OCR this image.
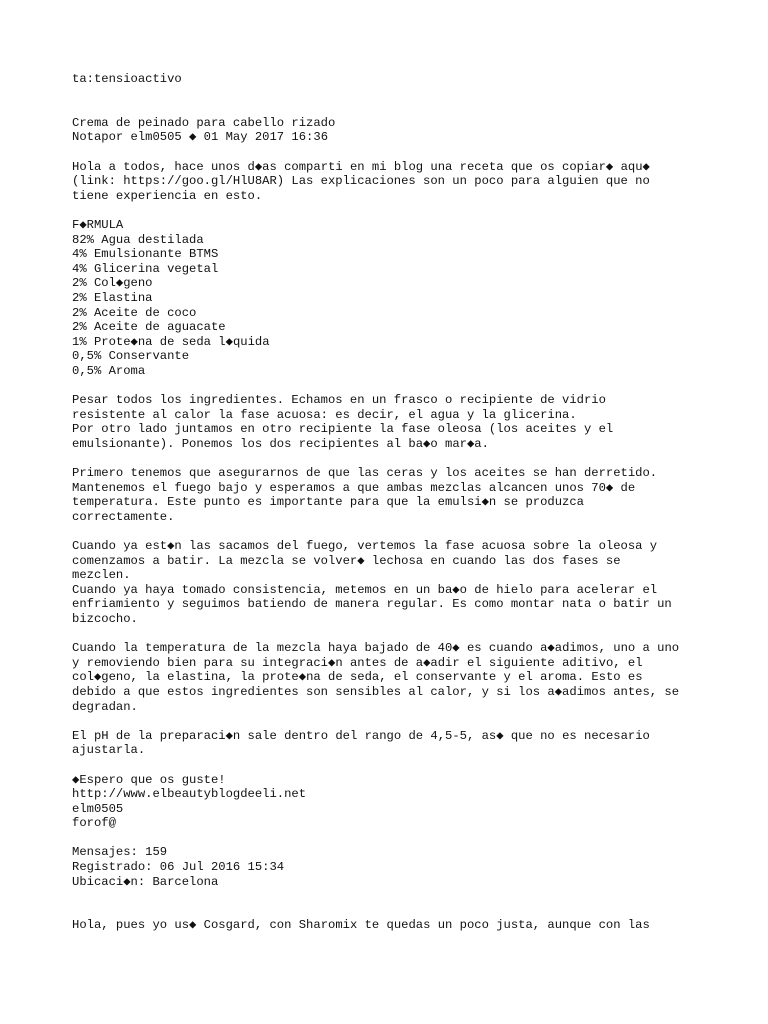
ta:tensioactivo
Crema de peinado para cabello rizado
Notapor elm0505 ◆ 01 May 2017 16:36
Hola a todos, hace unos d◆as comparti en mi blog una receta que os copiar◆ aqu◆
(link: https://goo.gl/HlU8AR) Las explicaciones son un poco para alguien que no
tiene experiencia en esto.
F◆RMULA
82% Agua destilada
4% Emulsionante BTMS
4% Glicerina vegetal
2% Col◆geno
2% Elastina
2% Aceite de coco
2% Aceite de aguacate
1% Prote◆na de seda l◆quida
0,5% Conservante
0,5% Aroma
Pesar todos los ingredientes. Echamos en un frasco o recipiente de vidrio
resistente al calor la fase acuosa: es decir, el agua y la glicerina.
Por otro lado juntamos en otro recipiente la fase oleosa (los aceites y el
emulsionante). Ponemos los dos recipientes al ba◆o mar◆a.
Primero tenemos que asegurarnos de que las ceras y los aceites se han derretido.
Mantenemos el fuego bajo y esperamos a que ambas mezclas alcancen unos 70◆ de
temperatura. Este punto es importante para que la emulsi◆n se produzca
correctamente.
Cuando ya est◆n las sacamos del fuego, vertemos la fase acuosa sobre la oleosa y
comenzamos a batir. La mezcla se volver◆ lechosa en cuando las dos fases se
mezclen.
Cuando ya haya tomado consistencia, metemos en un ba◆o de hielo para acelerar el
enfriamiento y seguimos batiendo de manera regular. Es como montar nata o batir un
bizcocho.
Cuando la temperatura de la mezcla haya bajado de 40◆ es cuando a◆adimos, uno a uno
y removiendo bien para su integraci◆n antes de a◆adir el siguiente aditivo, el
col◆geno, la elastina, la prote◆na de seda, el conservante y el aroma. Esto es
debido a que estos ingredientes son sensibles al calor, y si los a◆adimos antes, se
degradan.
El pH de la preparaci◆n sale dentro del rango de 4,5-5, as◆ que no es necesario
ajustarla.
◆Espero que os guste!
http://www.elbeautyblogdeeli.net
elm0505
forof@
Mensajes: 159
Registrado: 06 Jul 2016 15:34
Ubicaci◆n: Barcelona
Hola, pues yo us◆ Cosgard, con Sharomix te quedas un poco justa, aunque con las
